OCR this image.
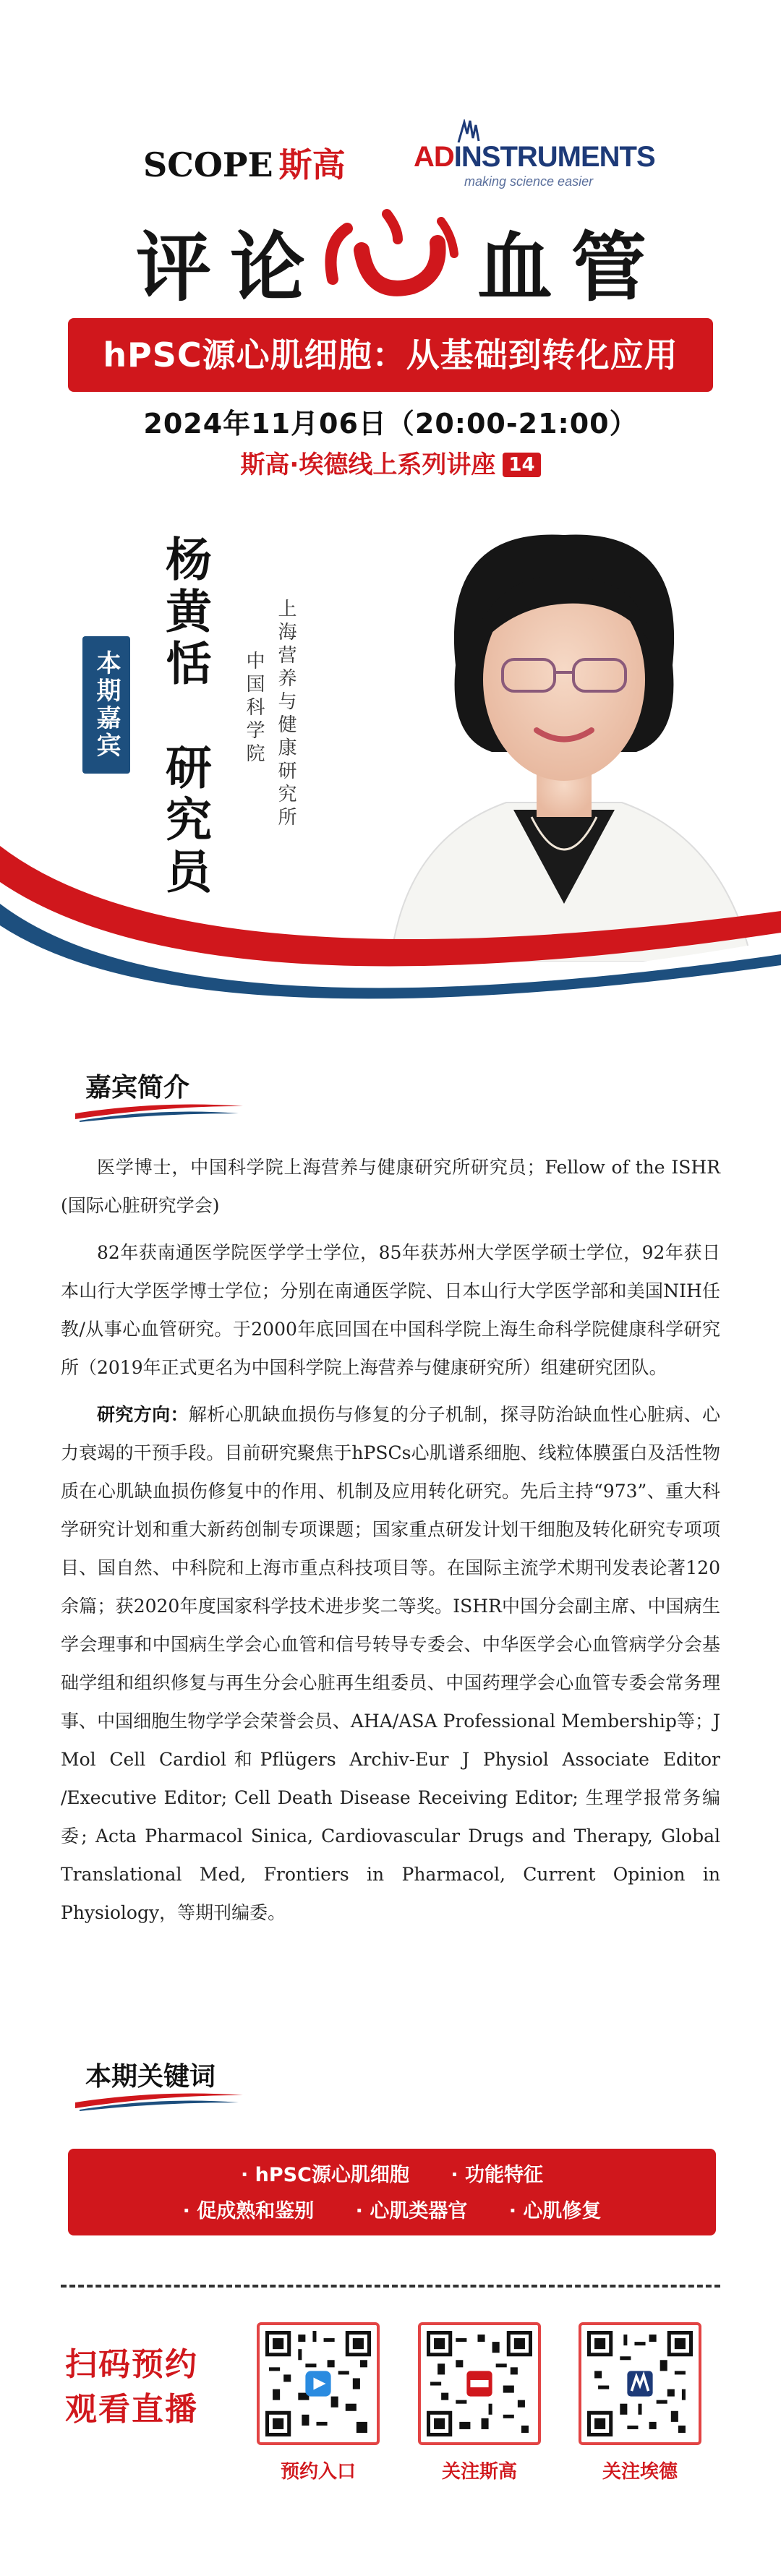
SCOPE 斯高 ADINSTRUMENTS
making science easier
评 论 血 管
hPSC源心肌细胞：从基础到转化应用
2024年11月06日（20:00-21:00）
斯高·埃德线上系列讲座 14
本期嘉宾
杨黄恬　研究员
中国科学院 上海营养与健康研究所
嘉宾简介

医学博士，中国科学院上海营养与健康研究所研究员；Fellow of the ISHR (国际心脏研究学会)

82年获南通医学院医学学士学位，85年获苏州大学医学硕士学位，92年获日本山行大学医学博士学位；分别在南通医学院、日本山行大学医学部和美国NIH任教/从事心血管研究。于2000年底回国在中国科学院上海生命科学院健康科学研究所（2019年正式更名为中国科学院上海营养与健康研究所）组建研究团队。

研究方向：解析心肌缺血损伤与修复的分子机制，探寻防治缺血性心脏病、心力衰竭的干预手段。目前研究聚焦于hPSCs心肌谱系细胞、线粒体膜蛋白及活性物质在心肌缺血损伤修复中的作用、机制及应用转化研究。先后主持“973”、重大科学研究计划和重大新药创制专项课题；国家重点研发计划干细胞及转化研究专项项目、国自然、中科院和上海市重点科技项目等。在国际主流学术期刊发表论著120余篇；获2020年度国家科学技术进步奖二等奖。ISHR中国分会副主席、中国病生学会理事和中国病生学会心血管和信号转导专委会、中华医学会心血管病学分会基础学组和组织修复与再生分会心脏再生组委员、中国药理学会心血管专委会常务理事、中国细胞生物学学会荣誉会员、AHA/ASA Professional Membership等；J Mol Cell Cardiol和Pflügers Archiv-Eur J Physiol Associate Editor /Executive Editor; Cell Death Disease Receiving Editor; 生理学报常务编委; Acta Pharmacol Sinica, Cardiovascular Drugs and Therapy, Global Translational Med, Frontiers in Pharmacol, Current Opinion in Physiology，等期刊编委。

本期关键词
· hPSC源心肌细胞 · 功能特征
· 促成熟和鉴别 · 心肌类器官 · 心肌修复
扫码预约
观看直播
预约入口	关注斯高	关注埃德
